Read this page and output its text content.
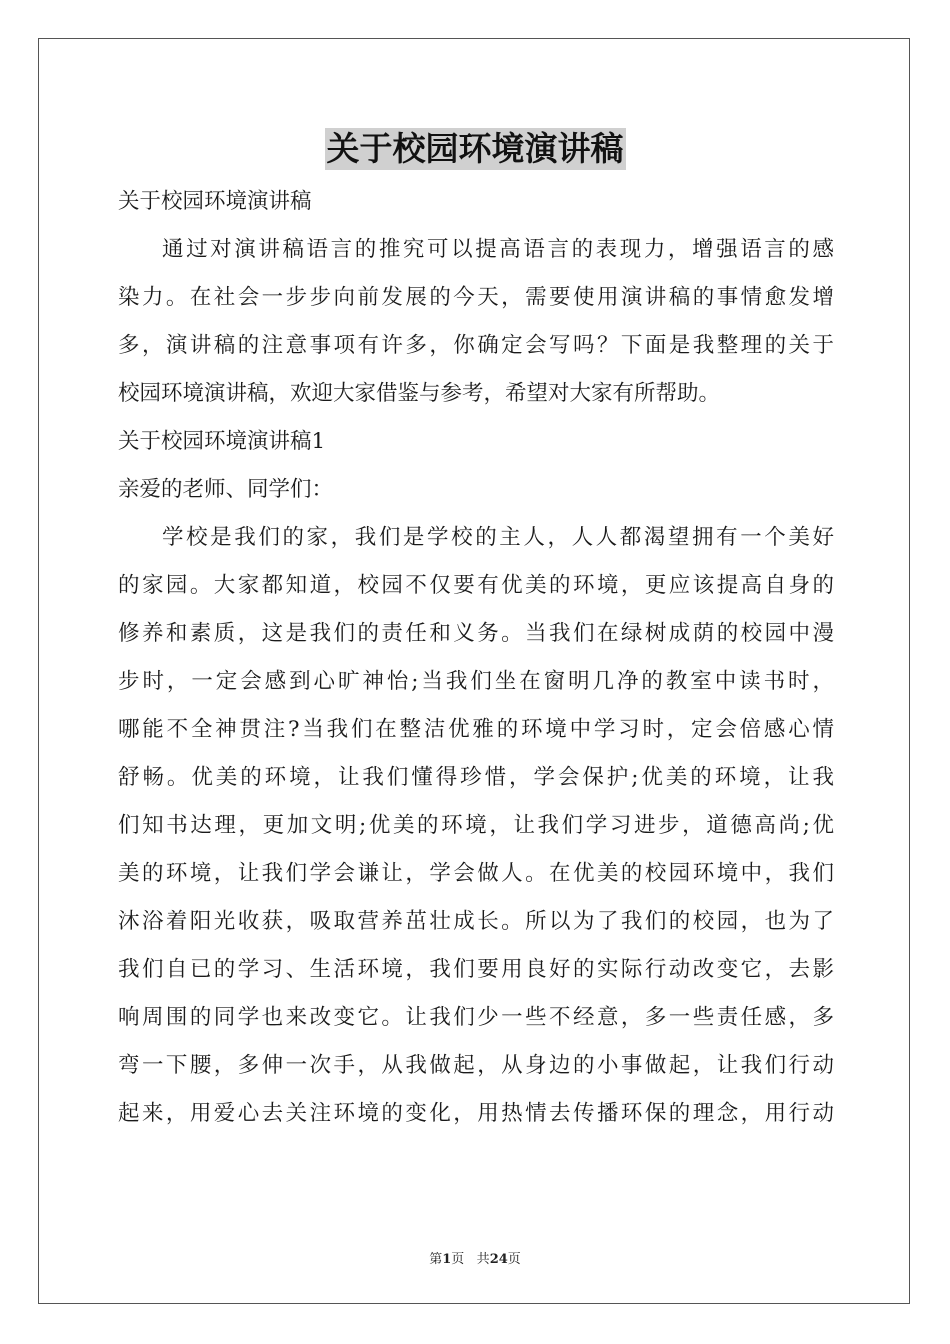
关于校园环境演讲稿
关于校园环境演讲稿
通过对演讲稿语言的推究可以提高语言的表现力，增强语言的感
染力。在社会一步步向前发展的今天，需要使用演讲稿的事情愈发增
多，演讲稿的注意事项有许多，你确定会写吗？下面是我整理的关于
校园环境演讲稿，欢迎大家借鉴与参考，希望对大家有所帮助。
关于校园环境演讲稿1
亲爱的老师、同学们：
学校是我们的家，我们是学校的主人，人人都渴望拥有一个美好
的家园。大家都知道，校园不仅要有优美的环境，更应该提高自身的
修养和素质，这是我们的责任和义务。当我们在绿树成荫的校园中漫
步时，一定会感到心旷神怡;当我们坐在窗明几净的教室中读书时，
哪能不全神贯注?当我们在整洁优雅的环境中学习时，定会倍感心情
舒畅。优美的环境，让我们懂得珍惜，学会保护;优美的环境，让我
们知书达理，更加文明;优美的环境，让我们学习进步，道德高尚;优
美的环境，让我们学会谦让，学会做人。在优美的校园环境中，我们
沐浴着阳光收获，吸取营养茁壮成长。所以为了我们的校园，也为了
我们自已的学习、生活环境，我们要用良好的实际行动改变它，去影
响周围的同学也来改变它。让我们少一些不经意，多一些责任感，多
弯一下腰，多伸一次手，从我做起，从身边的小事做起，让我们行动
起来，用爱心去关注环境的变化，用热情去传播环保的理念，用行动
第1页 共24页
